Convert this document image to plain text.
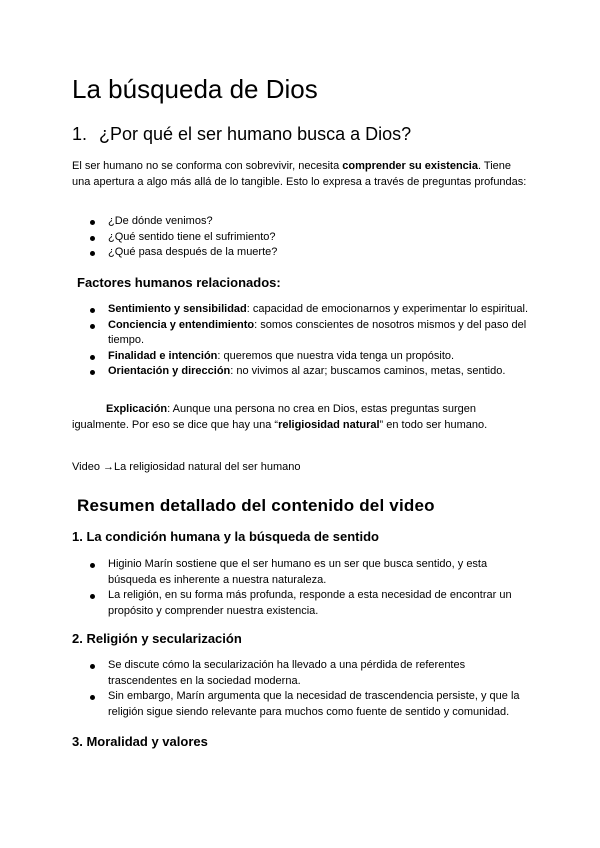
La búsqueda de Dios
1. ¿Por qué el ser humano busca a Dios?
El ser humano no se conforma con sobrevivir, necesita comprender su existencia. Tiene una apertura a algo más allá de lo tangible. Esto lo expresa a través de preguntas profundas:
¿De dónde venimos?
¿Qué sentido tiene el sufrimiento?
¿Qué pasa después de la muerte?
Factores humanos relacionados:
Sentimiento y sensibilidad: capacidad de emocionarnos y experimentar lo espiritual.
Conciencia y entendimiento: somos conscientes de nosotros mismos y del paso del tiempo.
Finalidad e intención: queremos que nuestra vida tenga un propósito.
Orientación y dirección: no vivimos al azar; buscamos caminos, metas, sentido.
Explicación: Aunque una persona no crea en Dios, estas preguntas surgen igualmente. Por eso se dice que hay una “religiosidad natural” en todo ser humano.
Video →La religiosidad natural del ser humano
Resumen detallado del contenido del video
1. La condición humana y la búsqueda de sentido
Higinio Marín sostiene que el ser humano es un ser que busca sentido, y esta búsqueda es inherente a nuestra naturaleza.
La religión, en su forma más profunda, responde a esta necesidad de encontrar un propósito y comprender nuestra existencia.
2. Religión y secularización
Se discute cómo la secularización ha llevado a una pérdida de referentes trascendentes en la sociedad moderna.
Sin embargo, Marín argumenta que la necesidad de trascendencia persiste, y que la religión sigue siendo relevante para muchos como fuente de sentido y comunidad.
3. Moralidad y valores
